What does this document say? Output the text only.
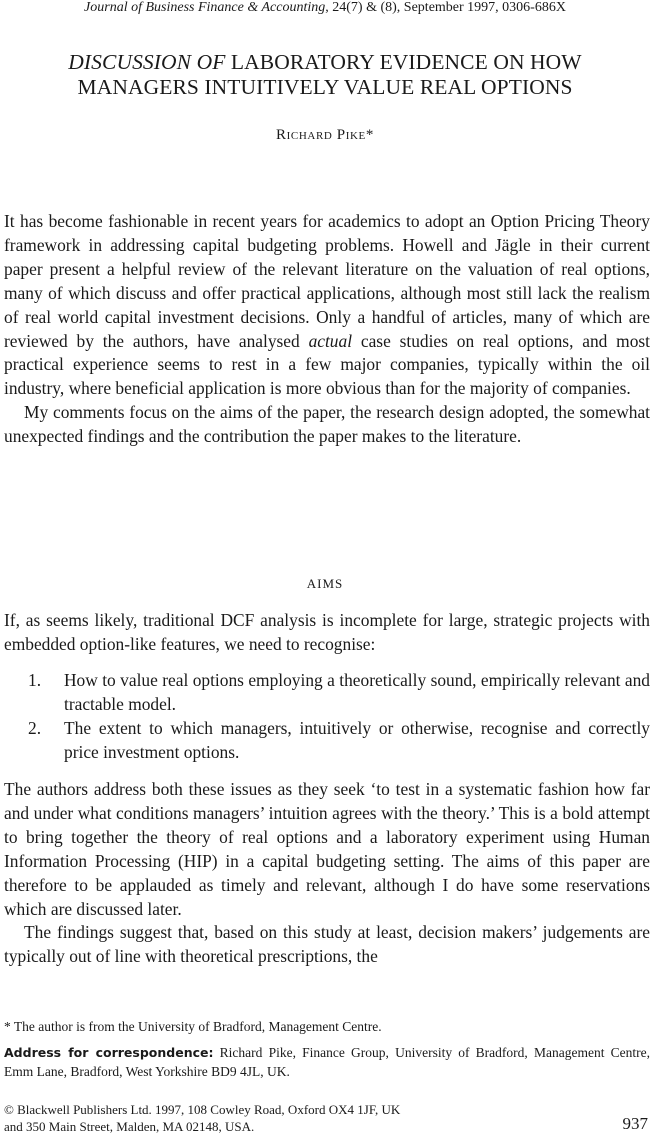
Journal of Business Finance & Accounting, 24(7) & (8), September 1997, 0306-686X
DISCUSSION OF LABORATORY EVIDENCE ON HOW
MANAGERS INTUITIVELY VALUE REAL OPTIONS
Richard Pike*

It has become fashionable in recent years for academics to adopt an Option Pricing Theory framework in addressing capital budgeting problems. Howell and Jägle in their current paper present a helpful review of the relevant literature on the valuation of real options, many of which discuss and offer practical applications, although most still lack the realism of real world capital investment decisions. Only a handful of articles, many of which are reviewed by the authors, have analysed actual case studies on real options, and most practical experience seems to rest in a few major companies, typically within the oil industry, where beneficial application is more obvious than for the majority of companies.

My comments focus on the aims of the paper, the research design adopted, the somewhat unexpected findings and the contribution the paper makes to the literature.

AIMS

If, as seems likely, traditional DCF analysis is incomplete for large, strategic projects with embedded option-like features, we need to recognise:

1. How to value real options employing a theoretically sound, empirically relevant and tractable model.
2. The extent to which managers, intuitively or otherwise, recognise and correctly price investment options.

The authors address both these issues as they seek ‘to test in a systematic fashion how far and under what conditions managers’ intuition agrees with the theory.’ This is a bold attempt to bring together the theory of real options and a laboratory experiment using Human Information Processing (HIP) in a capital budgeting setting. The aims of this paper are therefore to be applauded as timely and relevant, although I do have some reservations which are discussed later.

The findings suggest that, based on this study at least, decision makers’ judgements are typically out of line with theoretical prescriptions, the

* The author is from the University of Bradford, Management Centre.
Address for correspondence: Richard Pike, Finance Group, University of Bradford, Management Centre, Emm Lane, Bradford, West Yorkshire BD9 4JL, UK.
© Blackwell Publishers Ltd. 1997, 108 Cowley Road, Oxford OX4 1JF, UK
and 350 Main Street, Malden, MA 02148, USA.	937
